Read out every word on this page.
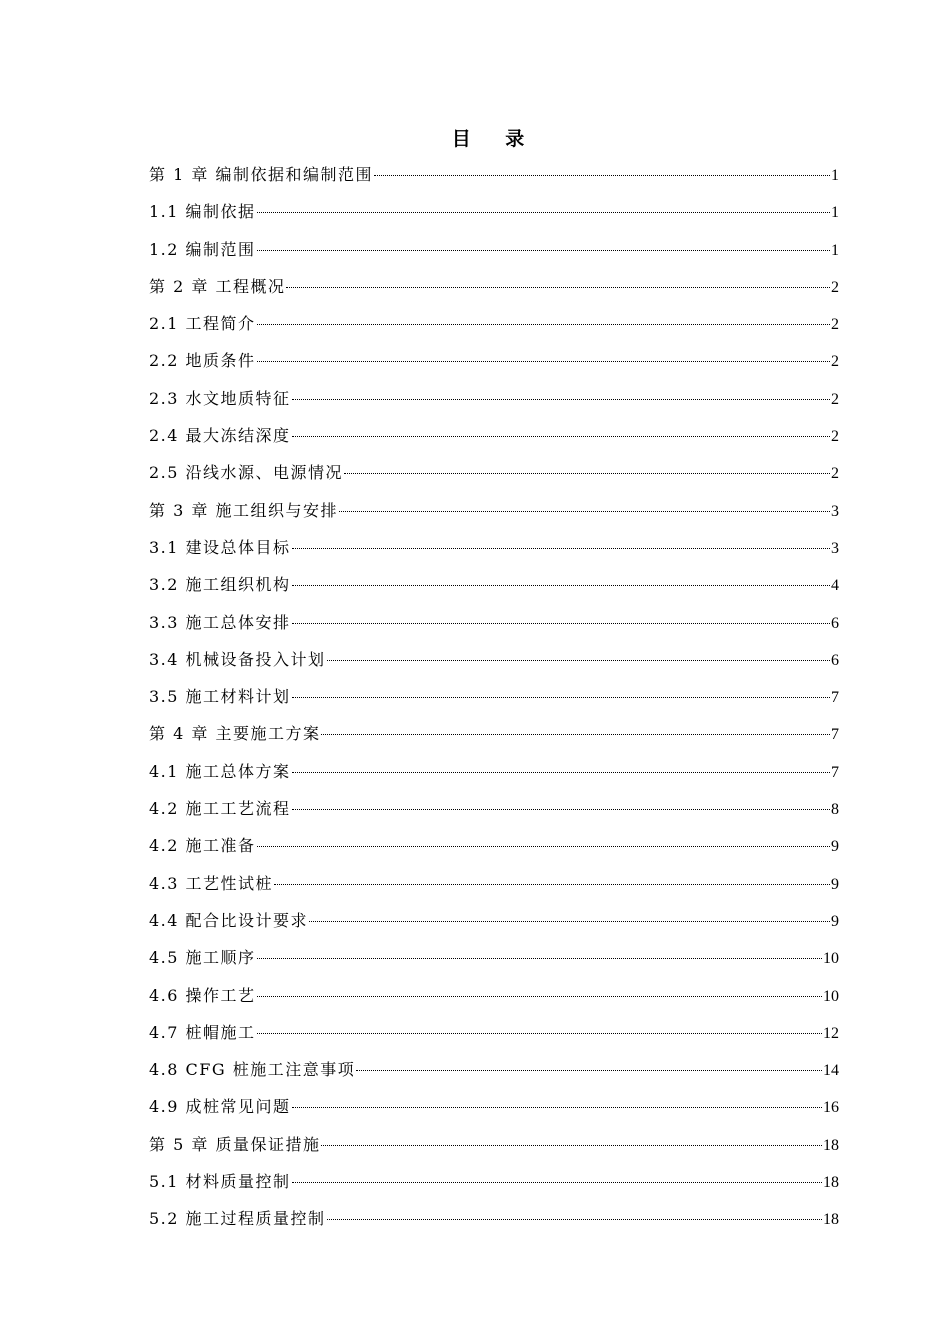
目 录
第 1 章 编制依据和编制范围	1
1.1 编制依据	1
1.2 编制范围	1
第 2 章 工程概况	2
2.1 工程简介	2
2.2 地质条件	2
2.3 水文地质特征	2
2.4 最大冻结深度	2
2.5 沿线水源、电源情况	2
第 3 章 施工组织与安排	3
3.1 建设总体目标	3
3.2 施工组织机构	4
3.3 施工总体安排	6
3.4 机械设备投入计划	6
3.5 施工材料计划	7
第 4 章 主要施工方案	7
4.1 施工总体方案	7
4.2 施工工艺流程	8
4.2 施工准备	9
4.3 工艺性试桩	9
4.4 配合比设计要求	9
4.5 施工顺序	10
4.6 操作工艺	10
4.7 桩帽施工	12
4.8 CFG 桩施工注意事项	14
4.9 成桩常见问题	16
第 5 章 质量保证措施	18
5.1 材料质量控制	18
5.2 施工过程质量控制	18
